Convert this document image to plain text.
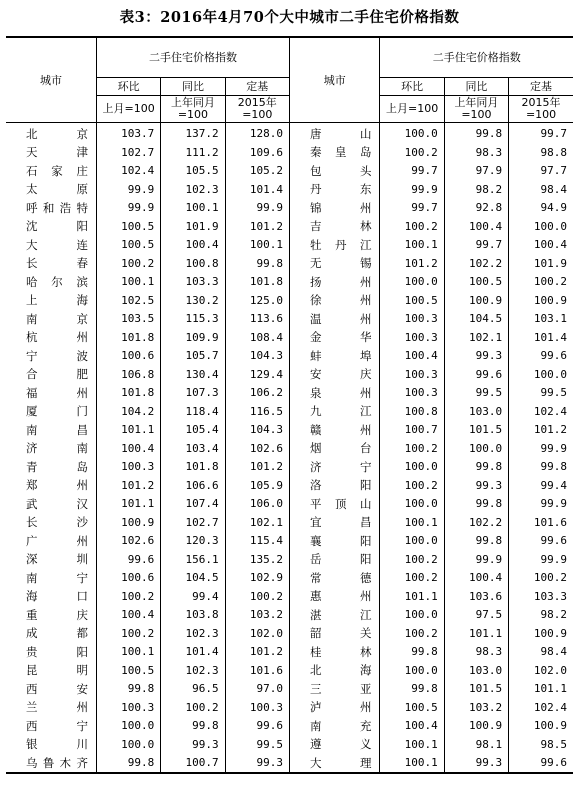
表3：2016年4月70个大中城市二手住宅价格指数
城市	二手住宅价格指数			城市	二手住宅价格指数		
	环比	同比	定基		环比	同比	定基
	上月=100	上年同月=100	2015年=100		上月=100	上年同月=100	2015年=100
北京	103.7	137.2	128.0	唐山	100.0	99.8	99.7
天津	102.7	111.2	109.6	秦皇岛	100.2	98.3	98.8
石家庄	102.4	105.5	105.2	包头	99.7	97.9	97.7
太原	99.9	102.3	101.4	丹东	99.9	98.2	98.4
呼和浩特	99.9	100.1	99.9	锦州	99.7	92.8	94.9
沈阳	100.5	101.9	101.2	吉林	100.2	100.4	100.0
大连	100.5	100.4	100.1	牡丹江	100.1	99.7	100.4
长春	100.2	100.8	99.8	无锡	101.2	102.2	101.9
哈尔滨	100.1	103.3	101.8	扬州	100.0	100.5	100.2
上海	102.5	130.2	125.0	徐州	100.5	100.9	100.9
南京	103.5	115.3	113.6	温州	100.3	104.5	103.1
杭州	101.8	109.9	108.4	金华	100.3	102.1	101.4
宁波	100.6	105.7	104.3	蚌埠	100.4	99.3	99.6
合肥	106.8	130.4	129.4	安庆	100.3	99.6	100.0
福州	101.8	107.3	106.2	泉州	100.3	99.5	99.5
厦门	104.2	118.4	116.5	九江	100.8	103.0	102.4
南昌	101.1	105.4	104.3	赣州	100.7	101.5	101.2
济南	100.4	103.4	102.6	烟台	100.2	100.0	99.9
青岛	100.3	101.8	101.2	济宁	100.0	99.8	99.8
郑州	101.2	106.6	105.9	洛阳	100.2	99.3	99.4
武汉	101.1	107.4	106.0	平顶山	100.0	99.8	99.9
长沙	100.9	102.7	102.1	宜昌	100.1	102.2	101.6
广州	102.6	120.3	115.4	襄阳	100.0	99.8	99.6
深圳	99.6	156.1	135.2	岳阳	100.2	99.9	99.9
南宁	100.6	104.5	102.9	常德	100.2	100.4	100.2
海口	100.2	99.4	100.2	惠州	101.1	103.6	103.3
重庆	100.4	103.8	103.2	湛江	100.0	97.5	98.2
成都	100.2	102.3	102.0	韶关	100.2	101.1	100.9
贵阳	100.1	101.4	101.2	桂林	99.8	98.3	98.4
昆明	100.5	102.3	101.6	北海	100.0	103.0	102.0
西安	99.8	96.5	97.0	三亚	99.8	101.5	101.1
兰州	100.3	100.2	100.3	泸州	100.5	103.2	102.4
西宁	100.0	99.8	99.6	南充	100.4	100.9	100.9
银川	100.0	99.3	99.5	遵义	100.1	98.1	98.5
乌鲁木齐	99.8	100.7	99.3	大理	100.1	99.3	99.6
